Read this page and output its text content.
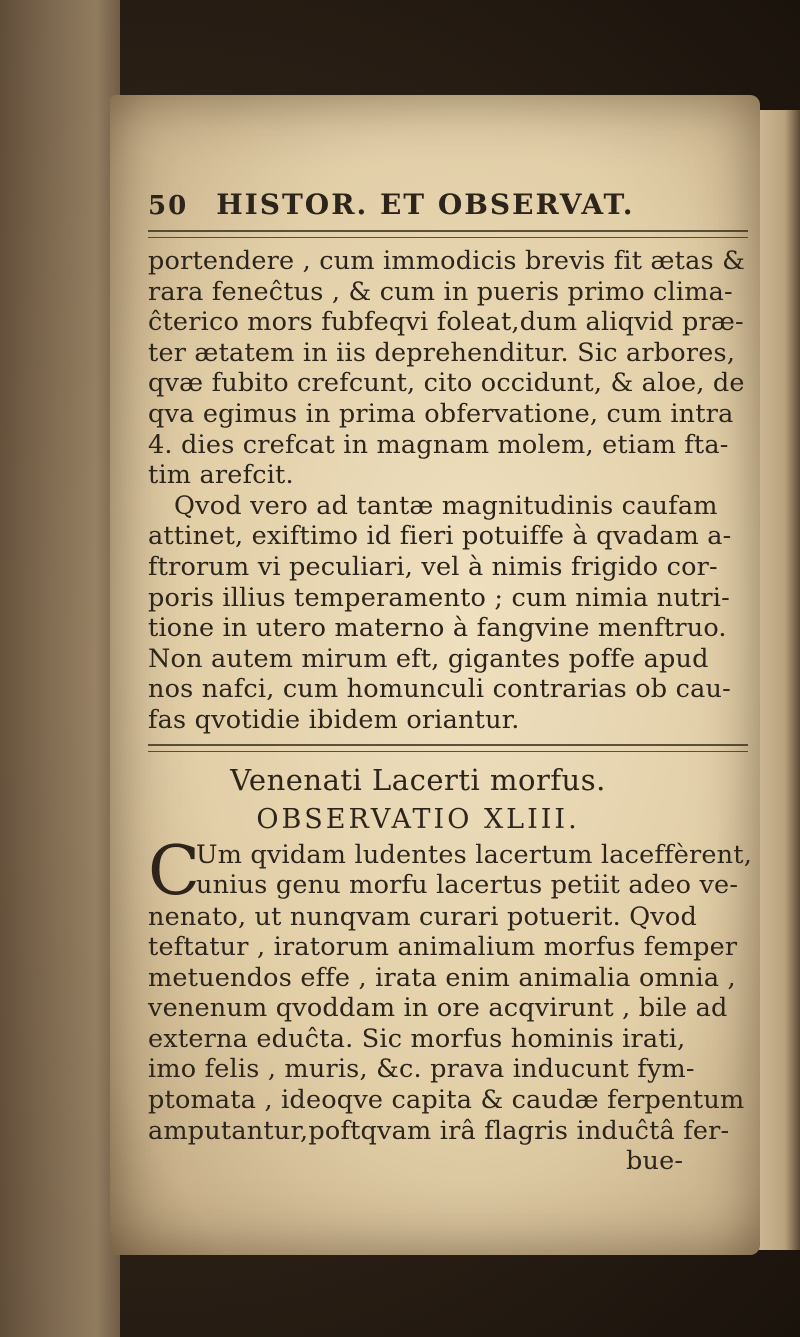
50 HISTOR. ET OBSERVAT.
portendere , cum immodicis brevis fit ætas &
rara feneĉtus , & cum in pueris primo clima-
ĉterico mors fubfeqvi foleat,dum aliqvid præ-
ter ætatem in iis deprehenditur. Sic arbores,
qvæ fubito crefcunt, cito occidunt, & aloe, de
qva egimus in prima obfervatione, cum intra
4. dies crefcat in magnam molem, etiam fta-
tim arefcit.
Qvod vero ad tantæ magnitudinis caufam
attinet, exiftimo id fieri potuiffe à qvadam a-
ftrorum vi peculiari, vel à nimis frigido cor-
poris illius temperamento ; cum nimia nutri-
tione in utero materno à fangvine menftruo.
Non autem mirum eft, gigantes poffe apud
nos nafci, cum homunculi contrarias ob cau-
fas qvotidie ibidem oriantur.
Venenati Lacerti morfus.
OBSERVATIO XLIII.
C
Um qvidam ludentes lacertum laceffèrent,
unius genu morfu lacertus petiit adeo ve-
nenato, ut nunqvam curari potuerit. Qvod
teftatur , iratorum animalium morfus femper
metuendos effe , irata enim animalia omnia ,
venenum qvoddam in ore acqvirunt , bile ad
externa eduĉta. Sic morfus hominis irati,
imo felis , muris, &c. prava inducunt fym-
ptomata , ideoqve capita & caudæ ferpentum
amputantur,poftqvam irâ flagris induĉtâ fer-
bue-
